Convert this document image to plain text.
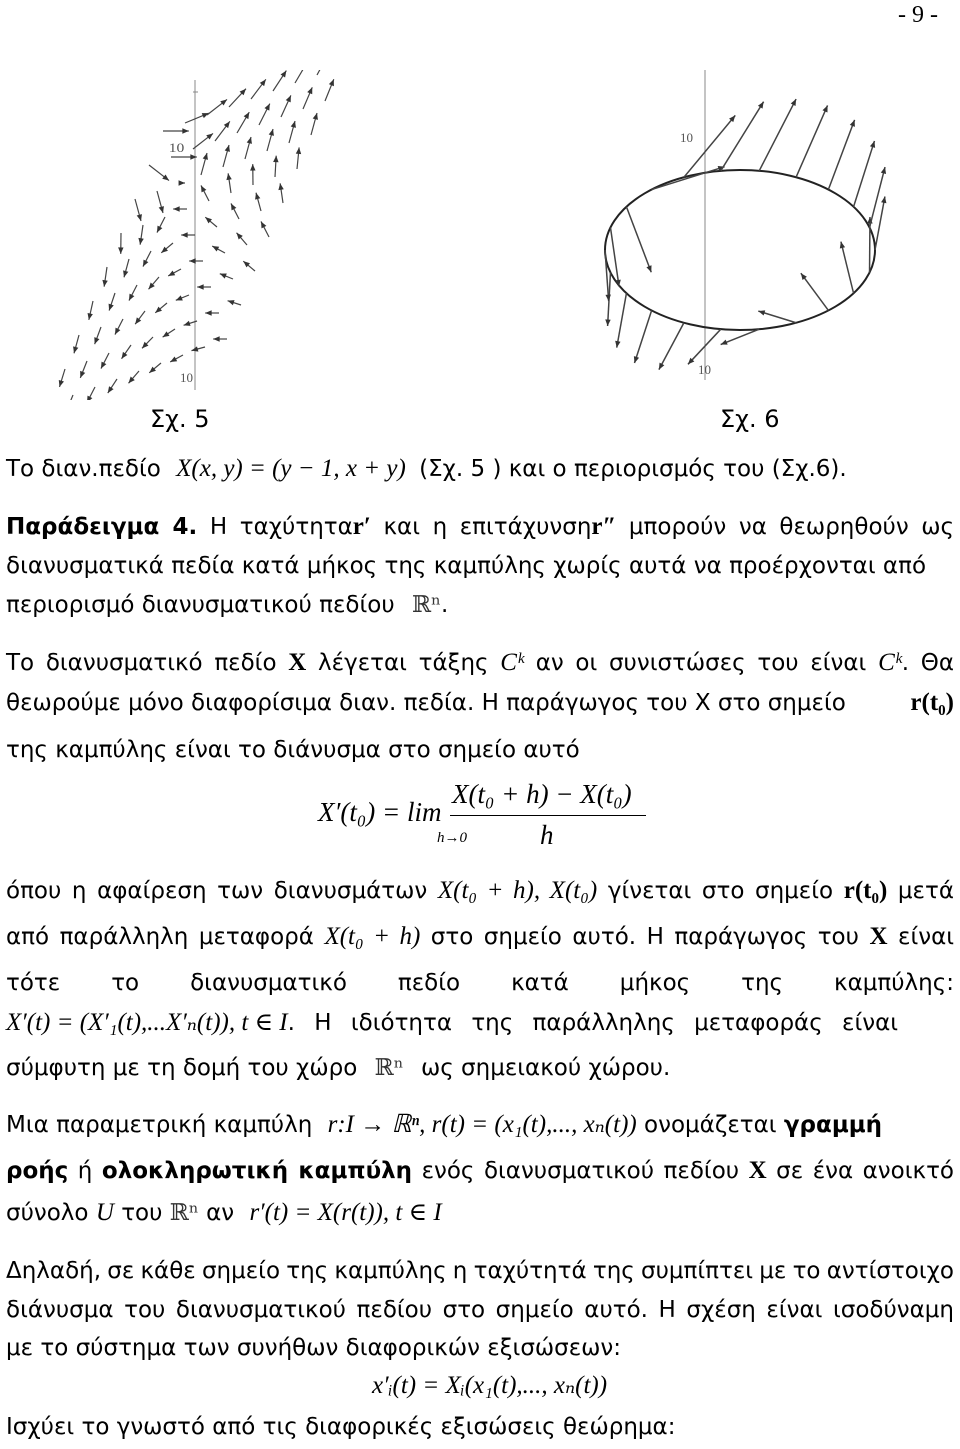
- 9 -
10
10
10
10
Σχ. 5	Σχ. 6
Το διαν.πεδίο X(x, y) = (y − 1, x + y) (Σχ. 5 ) και ο περιορισμός του (Σχ.6).
Παράδειγμα 4. Η ταχύτηταr′ και η επιτάχυνσηr″ μπορούν να θεωρηθούν ως
διανυσματικά πεδία κατά μήκος της καμπύλης χωρίς αυτά να προέρχονται από
περιορισμό διανυσματικού πεδίου ℝⁿ.
Το διανυσματικό πεδίο X λέγεται τάξης Cᵏ αν οι συνιστώσες του είναι Cᵏ. Θα
θεωρούμε μόνο διαφορίσιμα διαν. πεδία. Η παράγωγος του X στο σημείο	r(t₀)
της καμπύλης είναι το διάνυσμα στο σημείο αυτό
X′(t₀) = lim
h→0
X(t₀ + h) − X(t₀)
h
όπου η αφαίρεση των διανυσμάτων X(t₀ + h), X(t₀) γίνεται στο σημείο r(t₀) μετά
από παράλληλη μεταφορά X(t₀ + h) στο σημείο αυτό. Η παράγωγος του X είναι
τότε το διανυσματικό πεδίο κατά μήκος της καμπύλης:
X′(t) = (X′₁(t),...X′ₙ(t)), t ∈ I. Η ιδιότητα της παράλληλης μεταφοράς είναι
σύμφυτη με τη δομή του χώρο ℝⁿ ως σημειακού χώρου.
Μια παραμετρική καμπύλη r:I → ℝⁿ, r(t) = (x₁(t),..., xₙ(t)) ονομάζεται γραμμή
ροής ή ολοκληρωτική καμπύλη ενός διανυσματικού πεδίου X σε ένα ανοικτό
σύνολο U του ℝⁿ αν r′(t) = X(r(t)), t ∈ I
Δηλαδή, σε κάθε σημείο της καμπύλης η ταχύτητά της συμπίπτει με το αντίστοιχο
διάνυσμα του διανυσματικού πεδίου στο σημείο αυτό. Η σχέση είναι ισοδύναμη
με το σύστημα των συνήθων διαφορικών εξισώσεων:
x′ᵢ(t) = Xᵢ(x₁(t),..., xₙ(t))
Ισχύει το γνωστό από τις διαφορικές εξισώσεις θεώρημα:
